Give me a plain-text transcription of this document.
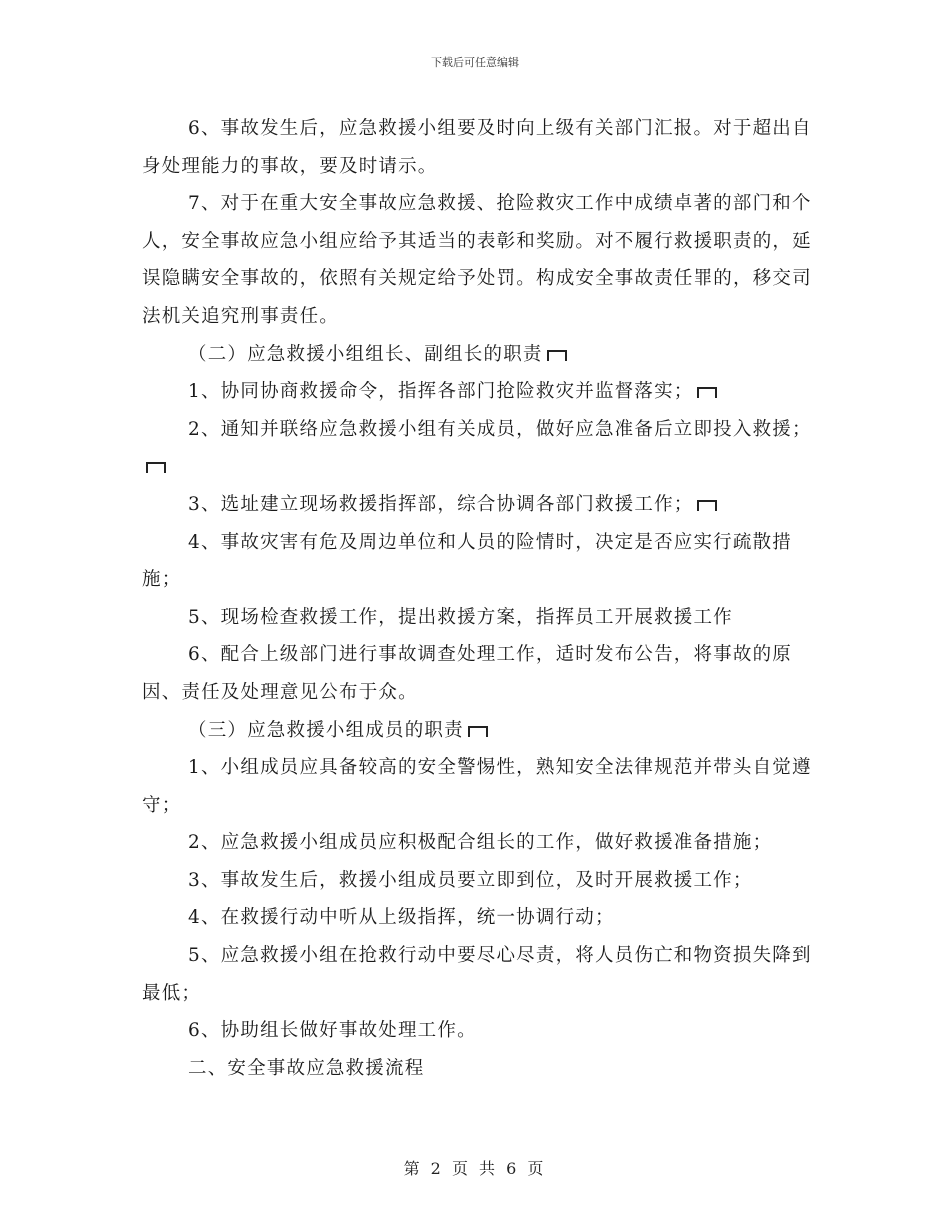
下载后可任意编辑

6、事故发生后，应急救援小组要及时向上级有关部门汇报。对于超出自身处理能力的事故，要及时请示。

7、对于在重大安全事故应急救援、抢险救灾工作中成绩卓著的部门和个人，安全事故应急小组应给予其适当的表彰和奖励。对不履行救援职责的，延误隐瞒安全事故的，依照有关规定给予处罚。构成安全事故责任罪的，移交司法机关追究刑事责任。

（二）应急救援小组组长、副组长的职责

1、协同协商救援命令，指挥各部门抢险救灾并监督落实；

2、通知并联络应急救援小组有关成员，做好应急准备后立即投入救援；

3、选址建立现场救援指挥部，综合协调各部门救援工作；

4、事故灾害有危及周边单位和人员的险情时，决定是否应实行疏散措施；

5、现场检查救援工作，提出救援方案，指挥员工开展救援工作

6、配合上级部门进行事故调查处理工作，适时发布公告，将事故的原因、责任及处理意见公布于众。

（三）应急救援小组成员的职责

1、小组成员应具备较高的安全警惕性，熟知安全法律规范并带头自觉遵守；

2、应急救援小组成员应积极配合组长的工作，做好救援准备措施；

3、事故发生后，救援小组成员要立即到位，及时开展救援工作；

4、在救援行动中听从上级指挥，统一协调行动；

5、应急救援小组在抢救行动中要尽心尽责，将人员伤亡和物资损失降到最低；

6、协助组长做好事故处理工作。

二、安全事故应急救援流程

第 2 页 共 6 页
